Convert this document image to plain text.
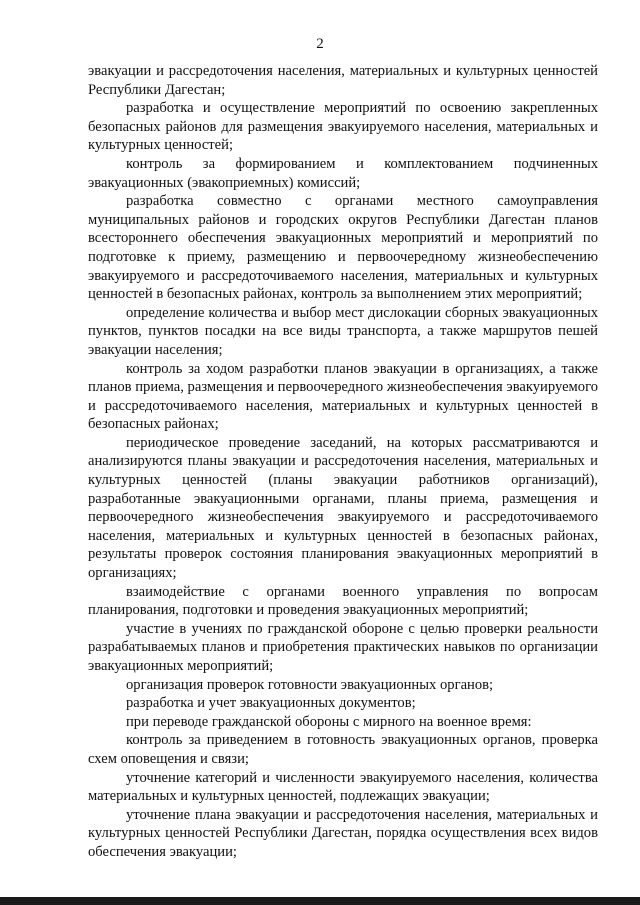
2

эвакуации и рассредоточения населения, материальных и культурных ценностей Республики Дагестан;

разработка и осуществление мероприятий по освоению закрепленных безопасных районов для размещения эвакуируемого населения, материальных и культурных ценностей;

контроль за формированием и комплектованием подчиненных эвакуационных (эвакоприемных) комиссий;

разработка совместно с органами местного самоуправления муниципальных районов и городских округов Республики Дагестан планов всестороннего обеспечения эвакуационных мероприятий и мероприятий по подготовке к приему, размещению и первоочередному жизнеобеспечению эвакуируемого и рассредоточиваемого населения, материальных и культурных ценностей в безопасных районах, контроль за выполнением этих мероприятий;

определение количества и выбор мест дислокации сборных эвакуационных пунктов, пунктов посадки на все виды транспорта, а также маршрутов пешей эвакуации населения;

контроль за ходом разработки планов эвакуации в организациях, а также планов приема, размещения и первоочередного жизнеобеспечения эвакуируемого и рассредоточиваемого населения, материальных и культурных ценностей в безопасных районах;

периодическое проведение заседаний, на которых рассматриваются и анализируются планы эвакуации и рассредоточения населения, материальных и культурных ценностей (планы эвакуации работников организаций), разработанные эвакуационными органами, планы приема, размещения и первоочередного жизнеобеспечения эвакуируемого и рассредоточиваемого населения, материальных и культурных ценностей в безопасных районах, результаты проверок состояния планирования эвакуационных мероприятий в организациях;

взаимодействие с органами военного управления по вопросам планирования, подготовки и проведения эвакуационных мероприятий;

участие в учениях по гражданской обороне с целью проверки реальности разрабатываемых планов и приобретения практических навыков по организации эвакуационных мероприятий;

организация проверок готовности эвакуационных органов;

разработка и учет эвакуационных документов;

при переводе гражданской обороны с мирного на военное время:

контроль за приведением в готовность эвакуационных органов, проверка схем оповещения и связи;

уточнение категорий и численности эвакуируемого населения, количества материальных и культурных ценностей, подлежащих эвакуации;

уточнение плана эвакуации и рассредоточения населения, материальных и культурных ценностей Республики Дагестан, порядка осуществления всех видов обеспечения эвакуации;
